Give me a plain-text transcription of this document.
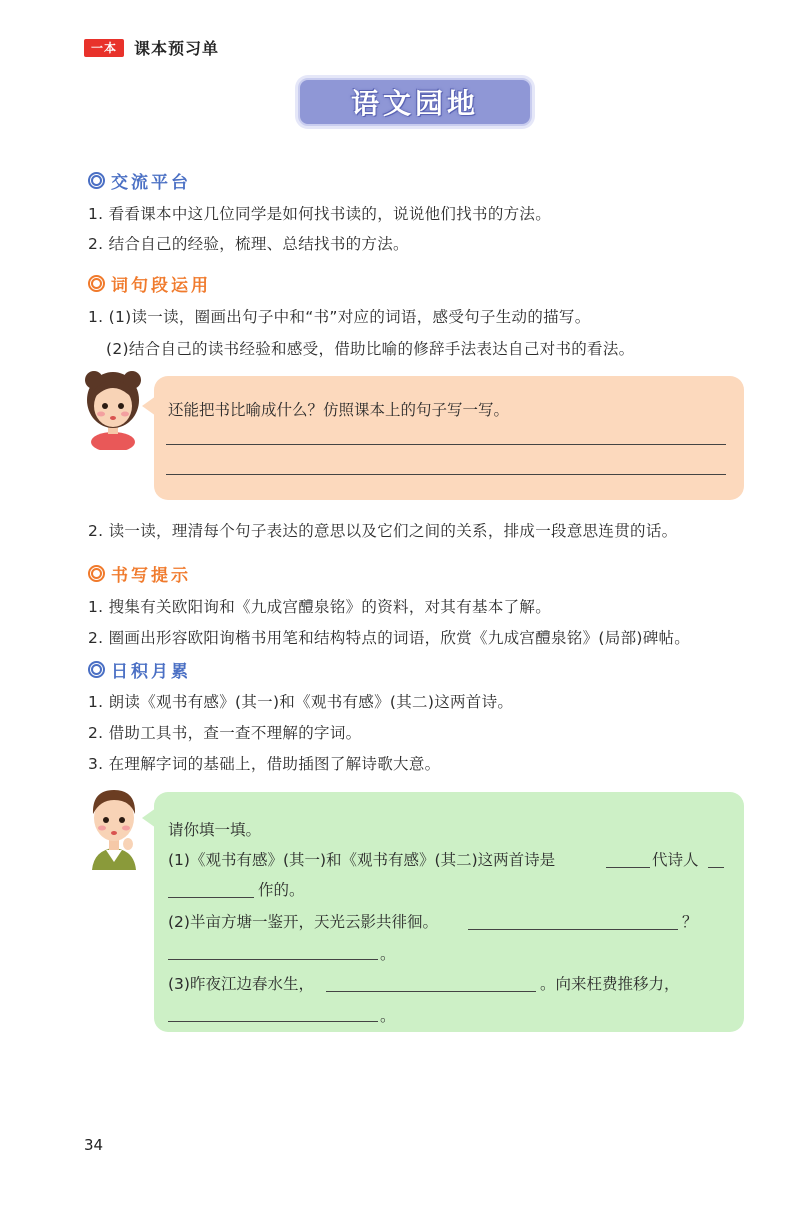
一本	课本预习单
语文园地
交流平台
1. 看看课本中这几位同学是如何找书读的，说说他们找书的方法。
2. 结合自己的经验，梳理、总结找书的方法。
词句段运用
1. (1)读一读，圈画出句子中和“书”对应的词语，感受句子生动的描写。
(2)结合自己的读书经验和感受，借助比喻的修辞手法表达自己对书的看法。
还能把书比喻成什么？仿照课本上的句子写一写。
2. 读一读，理清每个句子表达的意思以及它们之间的关系，排成一段意思连贯的话。
书写提示
1. 搜集有关欧阳询和《九成宫醴泉铭》的资料，对其有基本了解。
2. 圈画出形容欧阳询楷书用笔和结构特点的词语，欣赏《九成宫醴泉铭》(局部)碑帖。
日积月累
1. 朗读《观书有感》(其一)和《观书有感》(其二)这两首诗。
2. 借助工具书，查一查不理解的字词。
3. 在理解字词的基础上，借助插图了解诗歌大意。
请你填一填。
(1)《观书有感》(其一)和《观书有感》(其二)这两首诗是	代诗人
作的。
(2)半亩方塘一鉴开，天光云影共徘徊。	？
。
(3)昨夜江边春水生，	。向来枉费推移力，
。
34
